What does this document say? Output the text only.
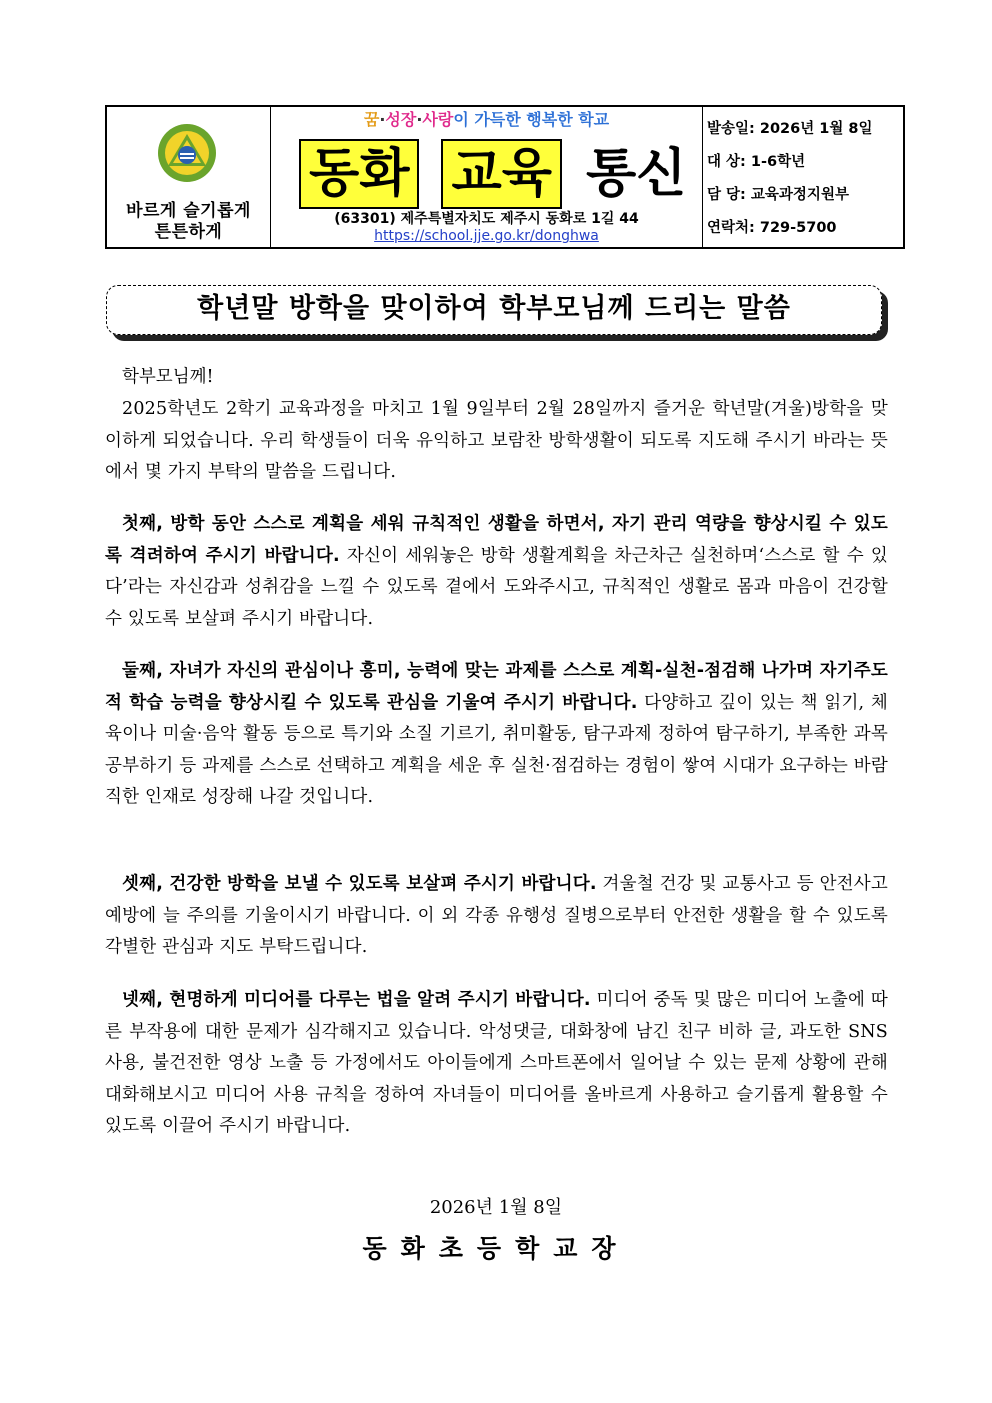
바르게 슬기롭게
튼튼하게
꿈·성장·사랑이 가득한 행복한 학교
동화 교육 통신
(63301) 제주특별자치도 제주시 동화로 1길 44
https://school.jje.go.kr/donghwa
발송일: 2026년 1월 8일
대 상: 1-6학년
담 당: 교육과정지원부
연락처: 729-5700
학년말 방학을 맞이하여 학부모님께 드리는 말씀
학부모님께!
2025학년도 2학기 교육과정을 마치고 1월 9일부터 2월 28일까지 즐거운 학년말(겨울)방학을 맞이하게 되었습니다. 우리 학생들이 더욱 유익하고 보람찬 방학생활이 되도록 지도해 주시기 바라는 뜻에서 몇 가지 부탁의 말씀을 드립니다.
첫째, 방학 동안 스스로 계획을 세워 규칙적인 생활을 하면서, 자기 관리 역량을 향상시킬 수 있도록 격려하여 주시기 바랍니다. 자신이 세워놓은 방학 생활계획을 차근차근 실천하며‘스스로 할 수 있다’라는 자신감과 성취감을 느낄 수 있도록 곁에서 도와주시고, 규칙적인 생활로 몸과 마음이 건강할 수 있도록 보살펴 주시기 바랍니다.
둘째, 자녀가 자신의 관심이나 흥미, 능력에 맞는 과제를 스스로 계획-실천-점검해 나가며 자기주도적 학습 능력을 향상시킬 수 있도록 관심을 기울여 주시기 바랍니다. 다양하고 깊이 있는 책 읽기, 체육이나 미술·음악 활동 등으로 특기와 소질 기르기, 취미활동, 탐구과제 정하여 탐구하기, 부족한 과목 공부하기 등 과제를 스스로 선택하고 계획을 세운 후 실천·점검하는 경험이 쌓여 시대가 요구하는 바람직한 인재로 성장해 나갈 것입니다.
셋째, 건강한 방학을 보낼 수 있도록 보살펴 주시기 바랍니다. 겨울철 건강 및 교통사고 등 안전사고 예방에 늘 주의를 기울이시기 바랍니다. 이 외 각종 유행성 질병으로부터 안전한 생활을 할 수 있도록 각별한 관심과 지도 부탁드립니다.
넷째, 현명하게 미디어를 다루는 법을 알려 주시기 바랍니다. 미디어 중독 및 많은 미디어 노출에 따른 부작용에 대한 문제가 심각해지고 있습니다. 악성댓글, 대화창에 남긴 친구 비하 글, 과도한 SNS 사용, 불건전한 영상 노출 등 가정에서도 아이들에게 스마트폰에서 일어날 수 있는 문제 상황에 관해 대화해보시고 미디어 사용 규칙을 정하여 자녀들이 미디어를 올바르게 사용하고 슬기롭게 활용할 수 있도록 이끌어 주시기 바랍니다.
2026년 1월 8일
동화초등학교장
